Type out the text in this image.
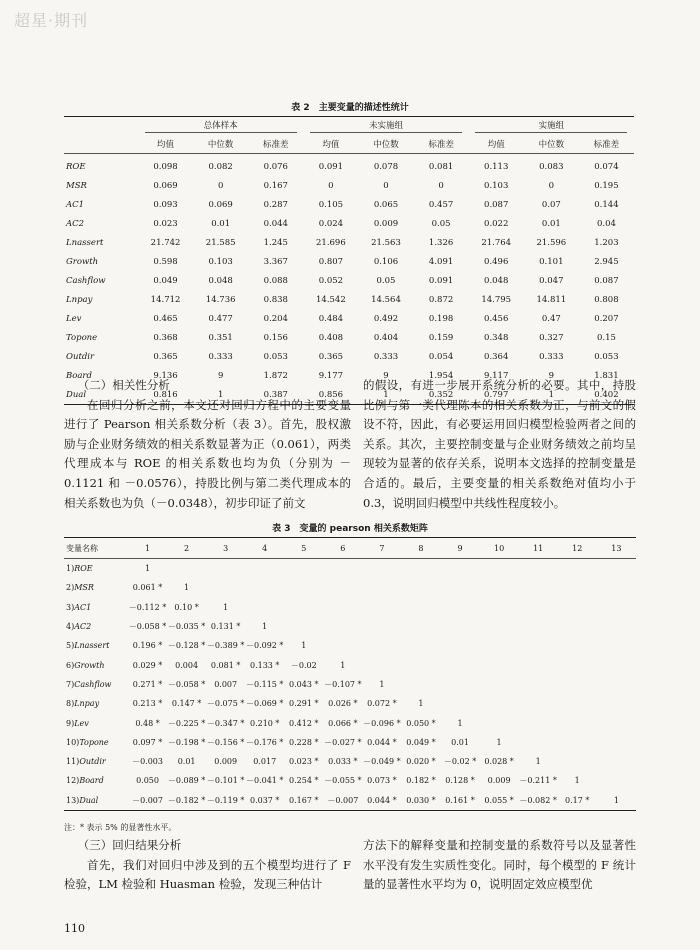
超星·期刊
表 2　主要变量的描述性统计
	总体样本			未实施组			实施组		
	均值	中位数	标准差	均值	中位数	标准差	均值	中位数	标准差
ROE	0.098	0.082	0.076	0.091	0.078	0.081	0.113	0.083	0.074
MSR	0.069	0	0.167	0	0	0	0.103	0	0.195
AC1	0.093	0.069	0.287	0.105	0.065	0.457	0.087	0.07	0.144
AC2	0.023	0.01	0.044	0.024	0.009	0.05	0.022	0.01	0.04
Lnassert	21.742	21.585	1.245	21.696	21.563	1.326	21.764	21.596	1.203
Growth	0.598	0.103	3.367	0.807	0.106	4.091	0.496	0.101	2.945
Cashflow	0.049	0.048	0.088	0.052	0.05	0.091	0.048	0.047	0.087
Lnpay	14.712	14.736	0.838	14.542	14.564	0.872	14.795	14.811	0.808
Lev	0.465	0.477	0.204	0.484	0.492	0.198	0.456	0.47	0.207
Topone	0.368	0.351	0.156	0.408	0.404	0.159	0.348	0.327	0.15
Outdir	0.365	0.333	0.053	0.365	0.333	0.054	0.364	0.333	0.053
Board	9.136	9	1.872	9.177	9	1.954	9.117	9	1.831
Dual	0.816	1	0.387	0.856	1	0.352	0.797	1	0.402
（二）相关性分析

在回归分析之前，本文还对回归方程中的主要变量进行了 Pearson 相关系数分析（表 3）。首先，股权激励与企业财务绩效的相关系数显著为正（0.061），两类代理成本与 ROE 的相关系数也均为负（分别为 －0.1121 和 －0.0576），持股比例与第二类代理成本的相关系数也为负（－0.0348），初步印证了前文

的假设，有进一步展开系统分析的必要。其中，持股比例与第一类代理陈本的相关系数为正，与前文的假设不符，因此，有必要运用回归模型检验两者之间的关系。其次，主要控制变量与企业财务绩效之前均呈现较为显著的依存关系，说明本文选择的控制变量是合适的。最后，主要变量的相关系数绝对值均小于 0.3，说明回归模型中共线性程度较小。

表 3　变量的 pearson 相关系数矩阵
变量名称	1	2	3	4	5	6	7	8	9	10	11	12	13
1)ROE	1												
2)MSR	0.061 *	1											
3)AC1	－0.112 *	0.10 *	1										
4)AC2	－0.058 *	－0.035 *	0.131 *	1									
5)Lnassert	0.196 *	－0.128 *	－0.389 *	－0.092 *	1								
6)Growth	0.029 *	0.004	0.081 *	0.133 *	－0.02	1							
7)Cashflow	0.271 *	－0.058 *	0.007	－0.115 *	0.043 *	－0.107 *	1						
8)Lnpay	0.213 *	0.147 *	－0.075 *	－0.069 *	0.291 *	0.026 *	0.072 *	1					
9)Lev	0.48 *	－0.225 *	－0.347 *	0.210 *	0.412 *	0.066 *	－0.096 *	0.050 *	1				
10)Topone	0.097 *	－0.198 *	－0.156 *	－0.176 *	0.228 *	－0.027 *	0.044 *	0.049 *	0.01	1			
11)Outdir	－0.003	0.01	0.009	0.017	0.023 *	0.033 *	－0.049 *	0.020 *	－0.02 *	0.028 *	1		
12)Board	0.050	－0.089 *	－0.101 *	－0.041 *	0.254 *	－0.055 *	0.073 *	0.182 *	0.128 *	0.009	－0.211 *	1	
13)Dual	－0.007	－0.182 *	－0.119 *	0.037 *	0.167 *	－0.007	0.044 *	0.030 *	0.161 *	0.055 *	－0.082 *	0.17 *	1
注：* 表示 5% 的显著性水平。
（三）回归结果分析

首先，我们对回归中涉及到的五个模型均进行了 F 检验，LM 检验和 Huasman 检验，发现三种估计

方法下的解释变量和控制变量的系数符号以及显著性水平没有发生实质性变化。同时，每个模型的 F 统计量的显著性水平均为 0，说明固定效应模型优

110
